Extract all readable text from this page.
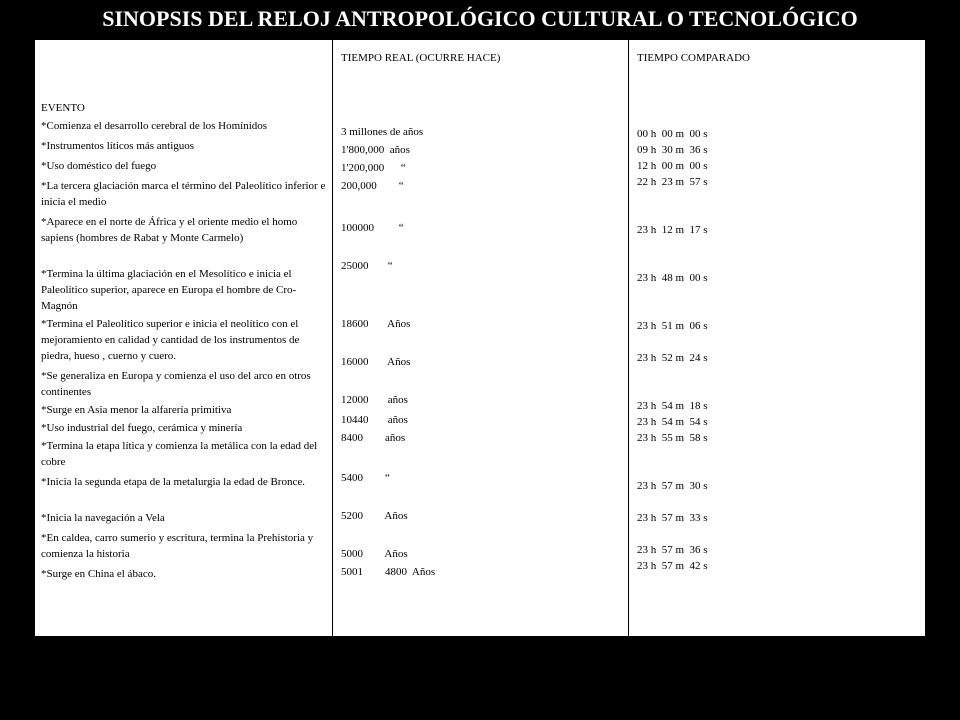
SINOPSIS DEL RELOJ ANTROPOLÓGICO CULTURAL O TECNOLÓGICO
TIEMPO REAL (OCURRE HACE)	TIEMPO COMPARADO
EVENTO
*Comienza el desarrollo cerebral de los Homínidos
*Instrumentos líticos más antiguos
*Uso doméstico del fuego
*La tercera glaciación marca el término del Paleolítico inferior e inicia el medio
*Aparece en el norte de África y el oriente medio el homo sapiens (hombres de Rabat y Monte Carmelo)
*Termina la última glaciación en el Mesolítico e inicia el Paleolítico superior, aparece en Europa el hombre de Cro-Magnón
*Termina el Paleolítico superior e inicia el neolítico con el mejoramiento en calidad y cantidad de los instrumentos de piedra, hueso , cuerno y cuero.
*Se generaliza en Europa y comienza el uso del arco en otros continentes
*Surge en Asia menor la alfarería primitiva
*Uso industrial del fuego, cerámica y minería
*Termina la etapa lítica y comienza la metálica con la edad del cobre
*Inicia la segunda etapa de la metalurgia la edad de Bronce.
*Inicia la navegación a Vela
*En caldea, carro sumerio y escritura, termina la Prehistoria y comienza la historia
*Surge en China el ábaco.
3 millones de años
1'800,000  años
1'200,000      “
200,000        “
100000         “
25000       “
18600       Años
16000       Años
12000       años
10440       años
8400        años
5400        “
5200        Años
5000        Años
5001        4800  Años
00 h  00 m  00 s
09 h  30 m  36 s
12 h  00 m  00 s
22 h  23 m  57 s
23 h  12 m  17 s
23 h  48 m  00 s
23 h  51 m  06 s
23 h  52 m  24 s
23 h  54 m  18 s
23 h  54 m  54 s
23 h  55 m  58 s
23 h  57 m  30 s
23 h  57 m  33 s
23 h  57 m  36 s
23 h  57 m  42 s
